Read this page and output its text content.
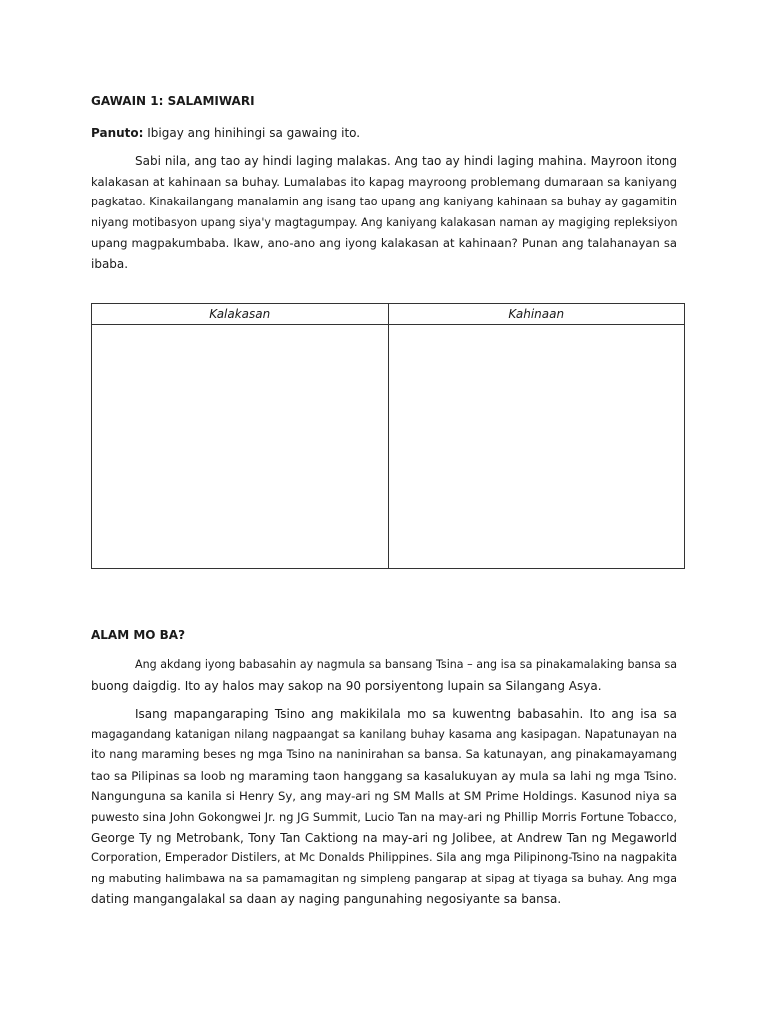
GAWAIN 1: SALAMIWARI

Panuto: Ibigay ang hinihingi sa gawaing ito.

Sabi nila, ang tao ay hindi laging malakas. Ang tao ay hindi laging mahina. Mayroon itong
kalakasan at kahinaan sa buhay. Lumalabas ito kapag mayroong problemang dumaraan sa kaniyang
pagkatao. Kinakailangang manalamin ang isang tao upang ang kaniyang kahinaan sa buhay ay gagamitin
niyang motibasyon upang siya'y magtagumpay. Ang kaniyang kalakasan naman ay magiging repleksiyon
upang magpakumbaba. Ikaw, ano-ano ang iyong kalakasan at kahinaan? Punan ang talahanayan sa
ibaba.
Kalakasan	Kahinaan

ALAM MO BA?

Ang akdang iyong babasahin ay nagmula sa bansang Tsina – ang isa sa pinakamalaking bansa sa
buong daigdig. Ito ay halos may sakop na 90 porsiyentong lupain sa Silangang Asya.
Isang mapangaraping Tsino ang makikilala mo sa kuwentng babasahin. Ito ang isa sa
magagandang katanigan nilang nagpaangat sa kanilang buhay kasama ang kasipagan. Napatunayan na
ito nang maraming beses ng mga Tsino na naninirahan sa bansa. Sa katunayan, ang pinakamayamang
tao sa Pilipinas sa loob ng maraming taon hanggang sa kasalukuyan ay mula sa lahi ng mga Tsino.
Nangunguna sa kanila si Henry Sy, ang may-ari ng SM Malls at SM Prime Holdings. Kasunod niya sa
puwesto sina John Gokongwei Jr. ng JG Summit, Lucio Tan na may-ari ng Phillip Morris Fortune Tobacco,
George Ty ng Metrobank, Tony Tan Caktiong na may-ari ng Jolibee, at Andrew Tan ng Megaworld
Corporation, Emperador Distilers, at Mc Donalds Philippines. Sila ang mga Pilipinong-Tsino na nagpakita
ng mabuting halimbawa na sa pamamagitan ng simpleng pangarap at sipag at tiyaga sa buhay. Ang mga
dating mangangalakal sa daan ay naging pangunahing negosiyante sa bansa.
